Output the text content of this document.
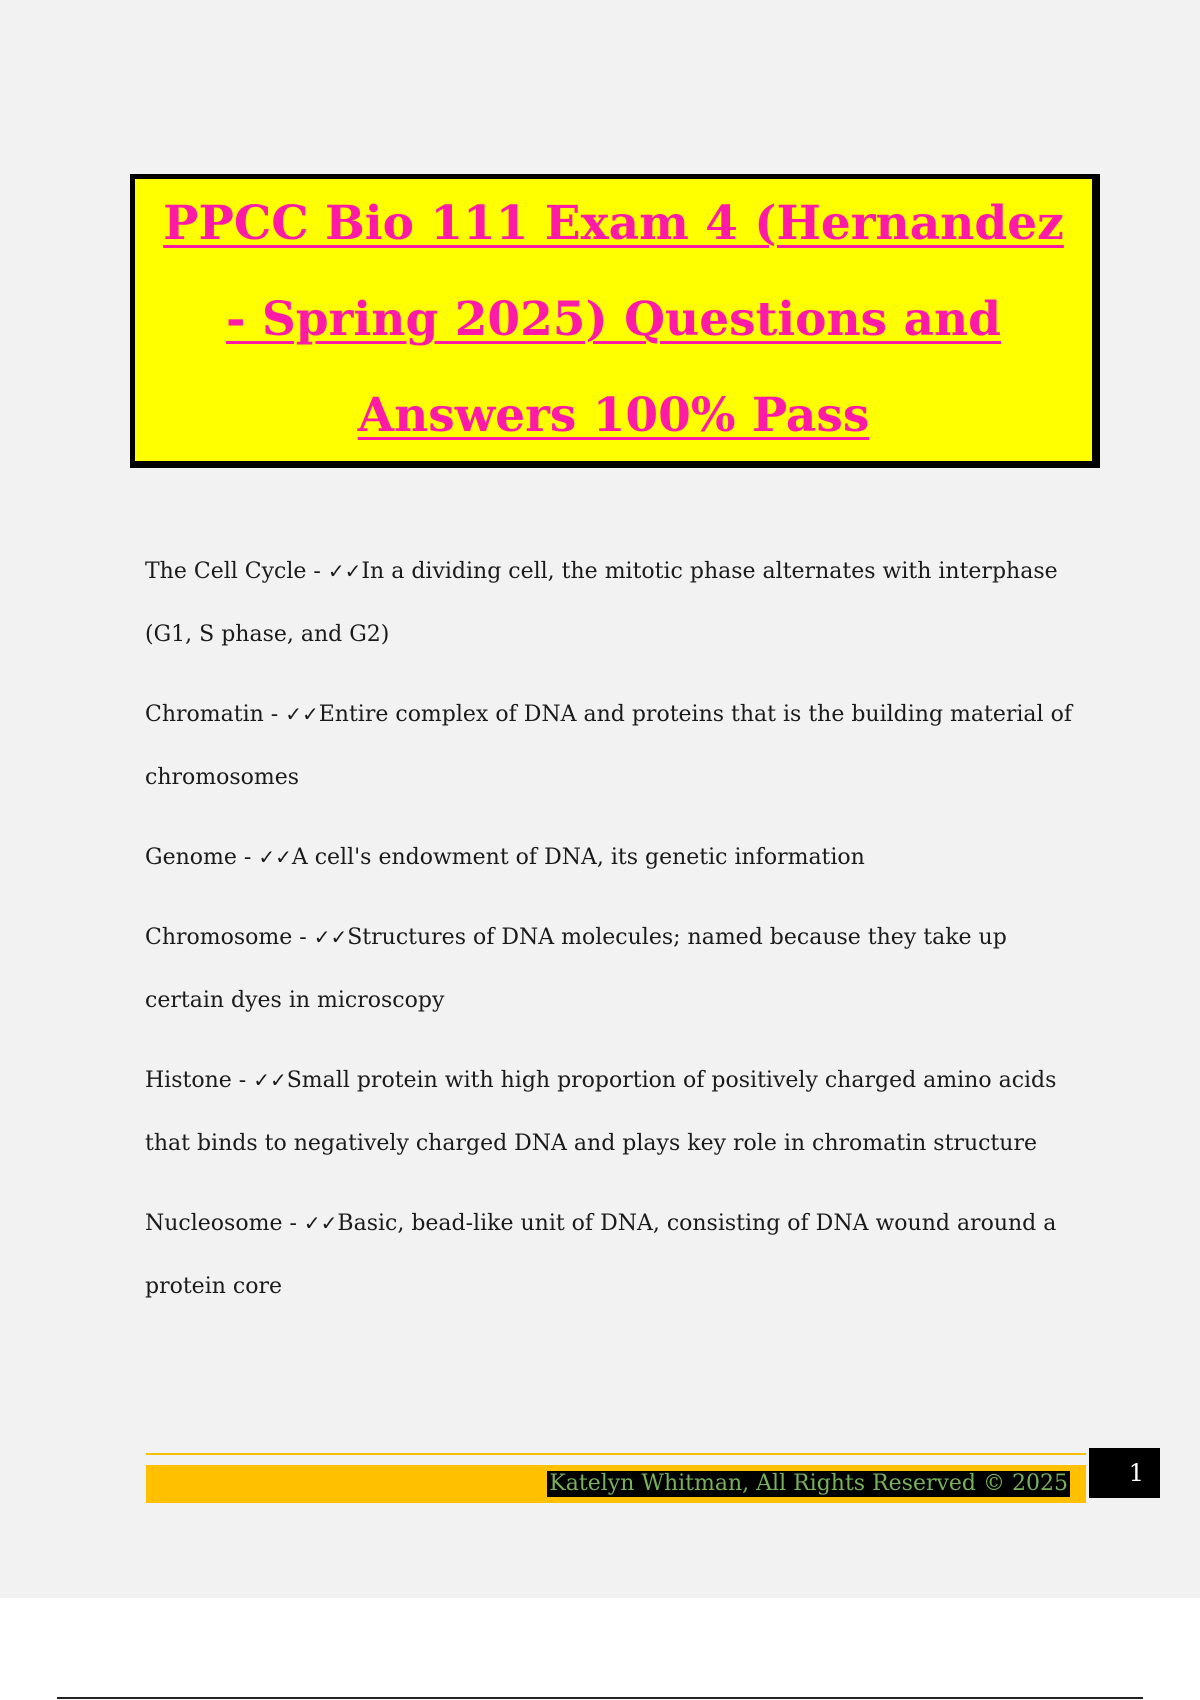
PPCC Bio 111 Exam 4 (Hernandez - Spring 2025) Questions and Answers 100% Pass

The Cell Cycle - ✓✓In a dividing cell, the mitotic phase alternates with interphase (G1, S phase, and G2)

Chromatin - ✓✓Entire complex of DNA and proteins that is the building material of chromosomes

Genome - ✓✓A cell's endowment of DNA, its genetic information

Chromosome - ✓✓Structures of DNA molecules; named because they take up certain dyes in microscopy

Histone - ✓✓Small protein with high proportion of positively charged amino acids that binds to negatively charged DNA and plays key role in chromatin structure

Nucleosome - ✓✓Basic, bead-like unit of DNA, consisting of DNA wound around a protein core

Katelyn Whitman, All Rights Reserved © 2025	1
